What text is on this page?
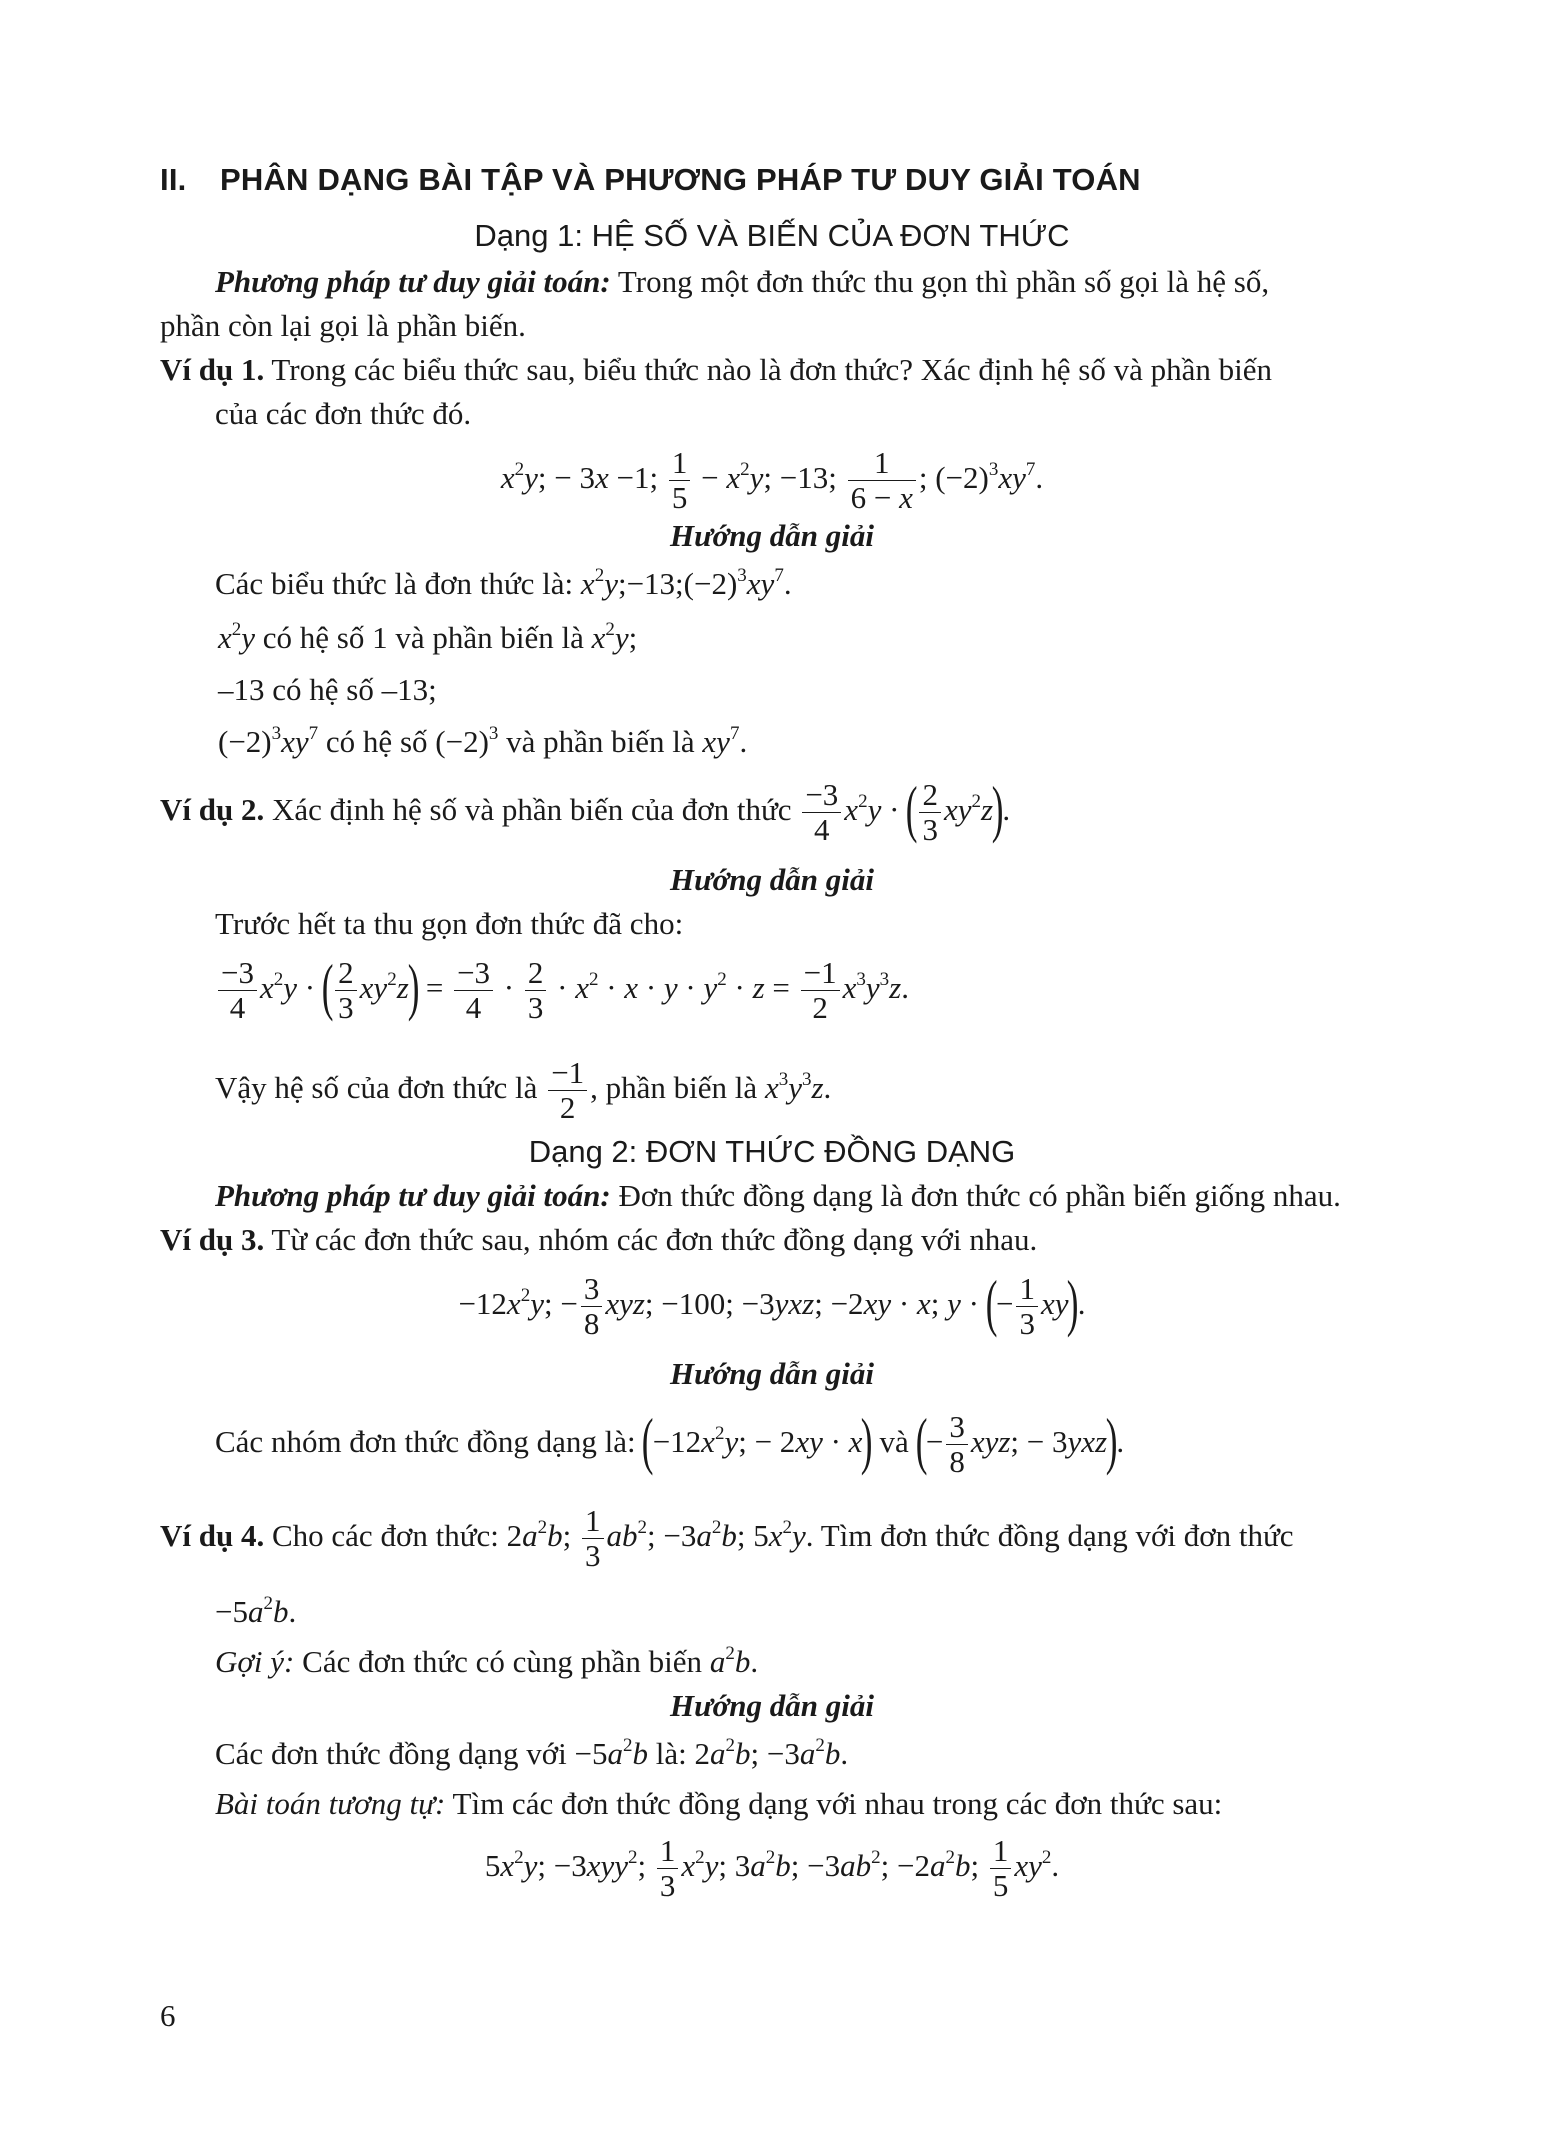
II. PHÂN DẠNG BÀI TẬP VÀ PHƯƠNG PHÁP TƯ DUY GIẢI TOÁN
Dạng 1: HỆ SỐ VÀ BIẾN CỦA ĐƠN THỨC
Phương pháp tư duy giải toán: Trong một đơn thức thu gọn thì phần số gọi là hệ số,
phần còn lại gọi là phần biến.
Ví dụ 1. Trong các biểu thức sau, biểu thức nào là đơn thức? Xác định hệ số và phần biến
của các đơn thức đó.
$x^2y$; − 3x −1; $\frac{1}{5} - x^2y$; −13; $\frac{1}{6 - x}$ ; $(-2)^3xy^7$.
Hướng dẫn giải
Các biểu thức là đơn thức là: $x^2y;-13;(-2)^3xy^7$.
$x^2y$ có hệ số 1 và phần biến là $x^2y$;
–13 có hệ số –13;
$(-2)^3xy^7$ có hệ số $(-2)^3$ và phần biến là $xy^7$.
Ví dụ 2. Xác định hệ số và phần biến của đơn thức $\frac{-3}{4} x^2y$ · ( $\frac{2}{3} xy^2z$).
Hướng dẫn giải
Trước hết ta thu gọn đơn thức đã cho:
$\frac{-3}{4} x^2y$ · ( $\frac{2}{3} xy^2z) = \frac{-3}{4} \cdot \frac{2}{3} \cdot x^2 \cdot x \cdot y \cdot y^2 \cdot z = \frac{-1}{2} x^3y^3z$.
Vậy hệ số của đơn thức là $\frac{-1}{2}$ , phần biến là $x^3y^3z$.
Dạng 2: ĐƠN THỨC ĐỒNG DẠNG
Phương pháp tư duy giải toán: Đơn thức đồng dạng là đơn thức có phần biến giống nhau.
Ví dụ 3. Từ các đơn thức sau, nhóm các đơn thức đồng dạng với nhau.
$-12x^2y$; − $\frac{3}{8}$ xyz; −100; −3yxz; −2xy · x; y · (− $\frac{1}{3} xy$).
Hướng dẫn giải
Các nhóm đơn thức đồng dạng là: ($-12x^2y$; − 2xy · x) và (− $\frac{3}{8}$ xyz; − 3yxz).
Ví dụ 4. Cho các đơn thức: $2a^2b$; $\frac{1}{3} ab^2$; $-3a^2b$; $5x^2y$. Tìm đơn thức đồng dạng với đơn thức
$-5a^2b$.
Gợi ý: Các đơn thức có cùng phần biến $a^2b$.
Hướng dẫn giải
Các đơn thức đồng dạng với $-5a^2b$ là: $2a^2b$; $-3a^2b$.
Bài toán tương tự: Tìm các đơn thức đồng dạng với nhau trong các đơn thức sau:
$5x^2y$; −3xyy$^2$; $\frac{1}{3} x^2y$; $3a^2b$; $-3ab^2$; $-2a^2b$; $\frac{1}{5} xy^2$.
6
